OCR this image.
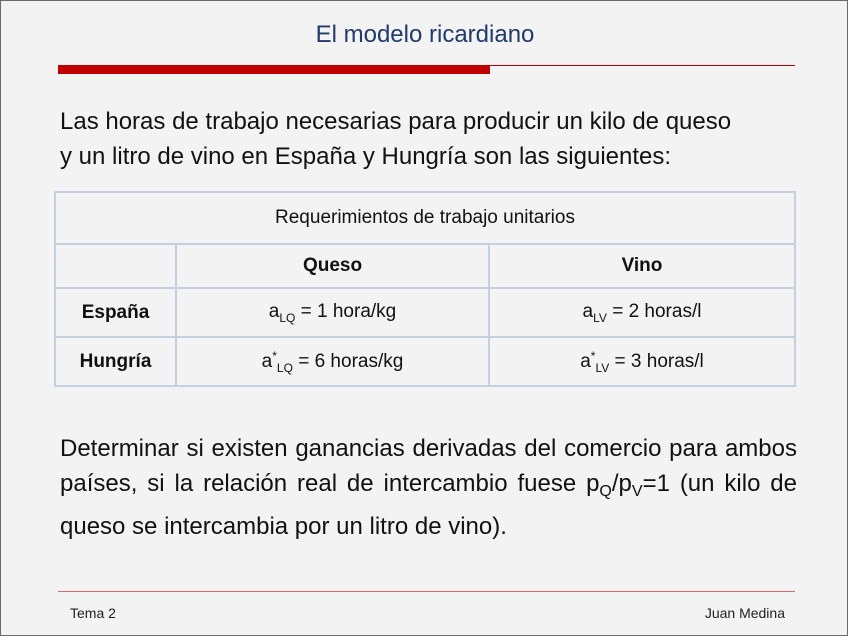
El modelo ricardiano
Las horas de trabajo necesarias para producir un kilo de queso
y un litro de vino en España y Hungría son las siguientes:
Requerimientos de trabajo unitarios		
	Queso	Vino
España	$a_{LQ} = 1$ hora/kg	$a_{LV} = 2$ horas/l
Hungría	$a^*_{LQ} = 6$ horas/kg	$a^*_{LV} = 3$ horas/l
Determinar si existen ganancias derivadas del comercio para ambos países, si la relación real de intercambio fuese $p_Q/p_V=1$ (un kilo de queso se intercambia por un litro de vino).
Tema 2	Juan Medina
